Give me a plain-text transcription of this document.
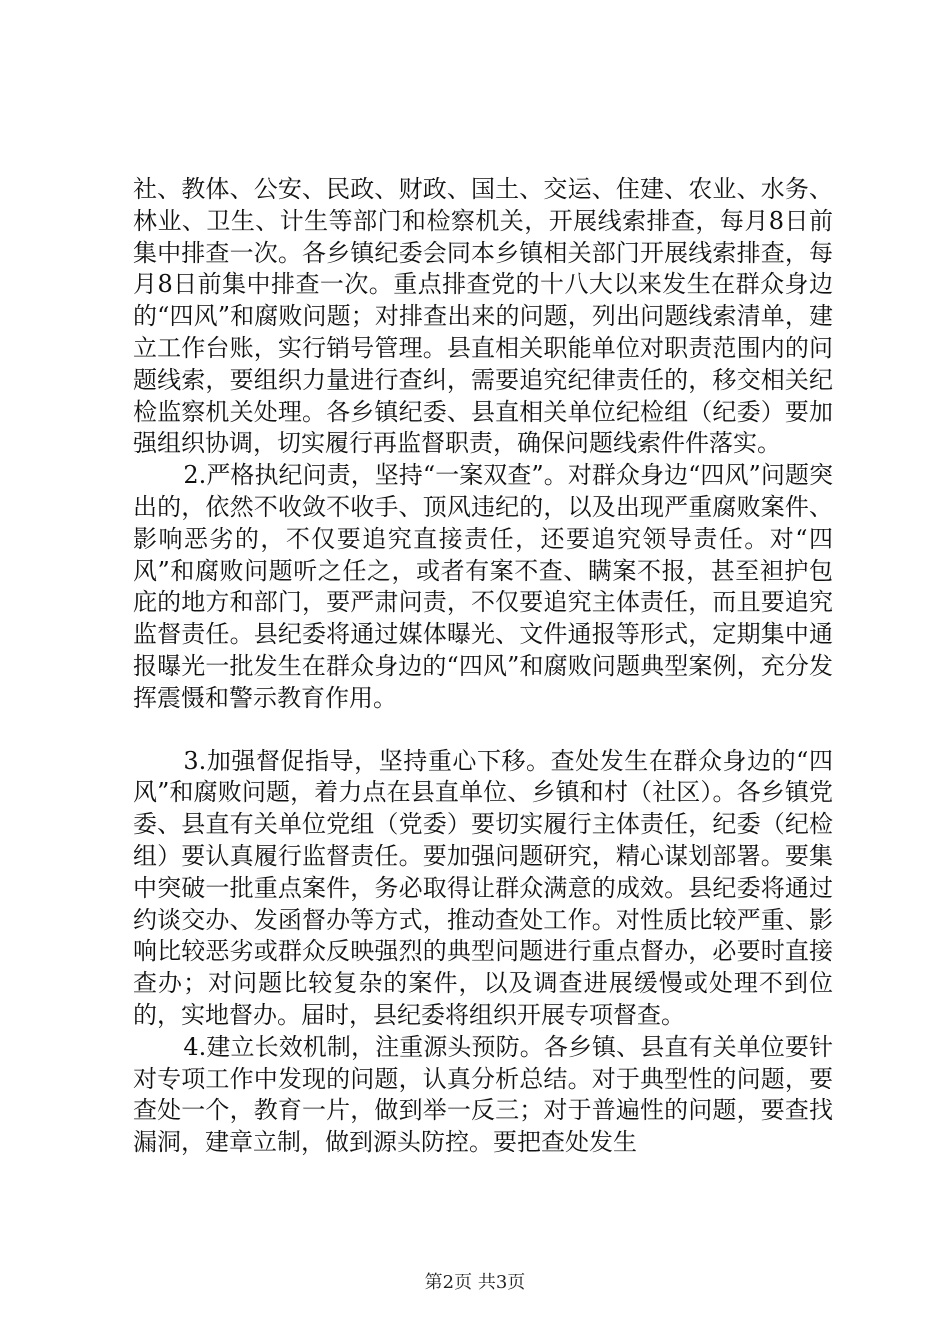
社、教体、公安、民政、财政、国土、交运、住建、农业、水务、林业、卫生、计生等部门和检察机关，开展线索排查，每月8日前集中排查一次。各乡镇纪委会同本乡镇相关部门开展线索排查，每月8日前集中排查一次。重点排查党的十八大以来发生在群众身边的“四风”和腐败问题；对排查出来的问题，列出问题线索清单，建立工作台账，实行销号管理。县直相关职能单位对职责范围内的问题线索，要组织力量进行查纠，需要追究纪律责任的，移交相关纪检监察机关处理。各乡镇纪委、县直相关单位纪检组（纪委）要加强组织协调，切实履行再监督职责，确保问题线索件件落实。

2.严格执纪问责，坚持“一案双查”。对群众身边“四风”问题突出的，依然不收敛不收手、顶风违纪的，以及出现严重腐败案件、影响恶劣的，不仅要追究直接责任，还要追究领导责任。对“四风”和腐败问题听之任之，或者有案不查、瞒案不报，甚至袒护包庇的地方和部门，要严肃问责，不仅要追究主体责任，而且要追究监督责任。县纪委将通过媒体曝光、文件通报等形式，定期集中通报曝光一批发生在群众身边的“四风”和腐败问题典型案例，充分发挥震慑和警示教育作用。

3.加强督促指导，坚持重心下移。查处发生在群众身边的“四风”和腐败问题，着力点在县直单位、乡镇和村（社区）。各乡镇党委、县直有关单位党组（党委）要切实履行主体责任，纪委（纪检组）要认真履行监督责任。要加强问题研究，精心谋划部署。要集中突破一批重点案件，务必取得让群众满意的成效。县纪委将通过约谈交办、发函督办等方式，推动查处工作。对性质比较严重、影响比较恶劣或群众反映强烈的典型问题进行重点督办，必要时直接查办；对问题比较复杂的案件，以及调查进展缓慢或处理不到位的，实地督办。届时，县纪委将组织开展专项督查。

4.建立长效机制，注重源头预防。各乡镇、县直有关单位要针对专项工作中发现的问题，认真分析总结。对于典型性的问题，要查处一个，教育一片，做到举一反三；对于普遍性的问题，要查找漏洞，建章立制，做到源头防控。要把查处发生

第2页 共3页
